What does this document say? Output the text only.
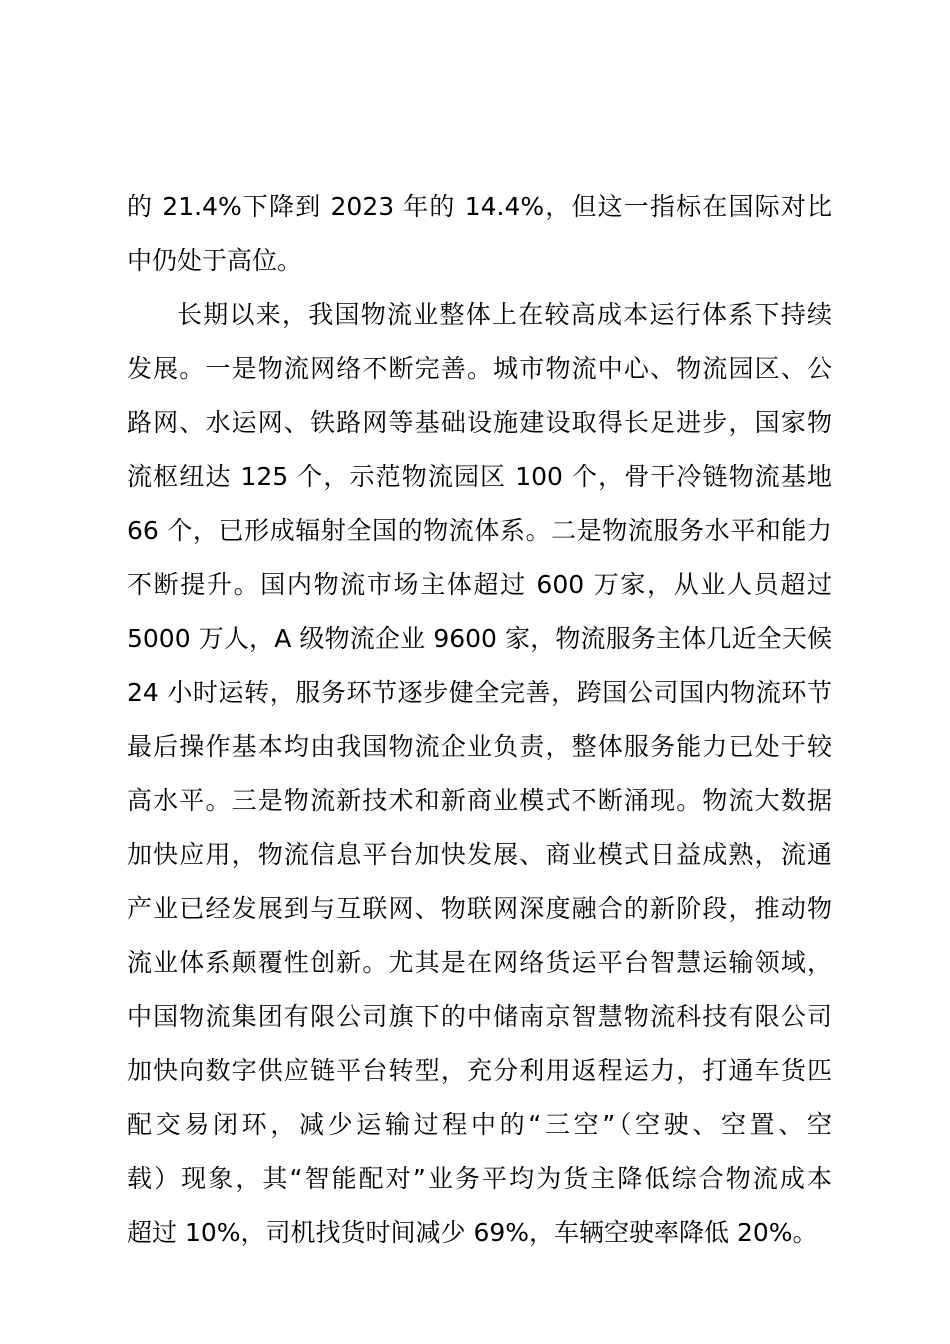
的 21.4%下降到 2023 年的 14.4%，但这一指标在国际对比
中仍处于高位。
长期以来，我国物流业整体上在较高成本运行体系下持续
发展。一是物流网络不断完善。城市物流中心、物流园区、公
路网、水运网、铁路网等基础设施建设取得长足进步，国家物
流枢纽达 125 个，示范物流园区 100 个，骨干冷链物流基地
66 个，已形成辐射全国的物流体系。二是物流服务水平和能力
不断提升。国内物流市场主体超过 600 万家，从业人员超过
5000 万人，A 级物流企业 9600 家，物流服务主体几近全天候
24 小时运转，服务环节逐步健全完善，跨国公司国内物流环节
最后操作基本均由我国物流企业负责，整体服务能力已处于较
高水平。三是物流新技术和新商业模式不断涌现。物流大数据
加快应用，物流信息平台加快发展、商业模式日益成熟，流通
产业已经发展到与互联网、物联网深度融合的新阶段，推动物
流业体系颠覆性创新。尤其是在网络货运平台智慧运输领域，
中国物流集团有限公司旗下的中储南京智慧物流科技有限公司
加快向数字供应链平台转型，充分利用返程运力，打通车货匹
配交易闭环，减少运输过程中的“三空”（空驶、空置、空
载）现象，其“智能配对”业务平均为货主降低综合物流成本
超过 10%，司机找货时间减少 69%，车辆空驶率降低 20%。
